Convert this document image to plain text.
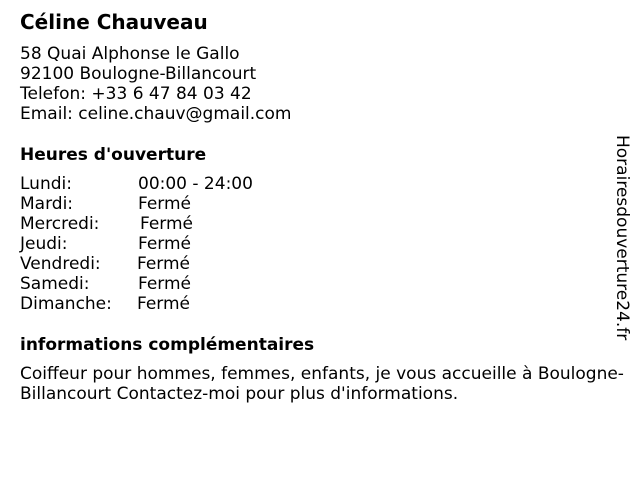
Céline Chauveau
58 Quai Alphonse le Gallo
92100 Boulogne-Billancourt
Telefon: +33 6 47 84 03 42
Email: celine.chauv@gmail.com
Heures d'ouverture
Lundi:	00:00 - 24:00
Mardi:	Fermé
Mercredi: Fermé
Jeudi:	Fermé
Vendredi: Fermé
Samedi:	Fermé
Dimanche: Fermé
informations complémentaires
Coiffeur pour hommes, femmes, enfants, je vous accueille à Boulogne-Billancourt Contactez-moi pour plus d'informations.
Horairesdouverture24.fr
